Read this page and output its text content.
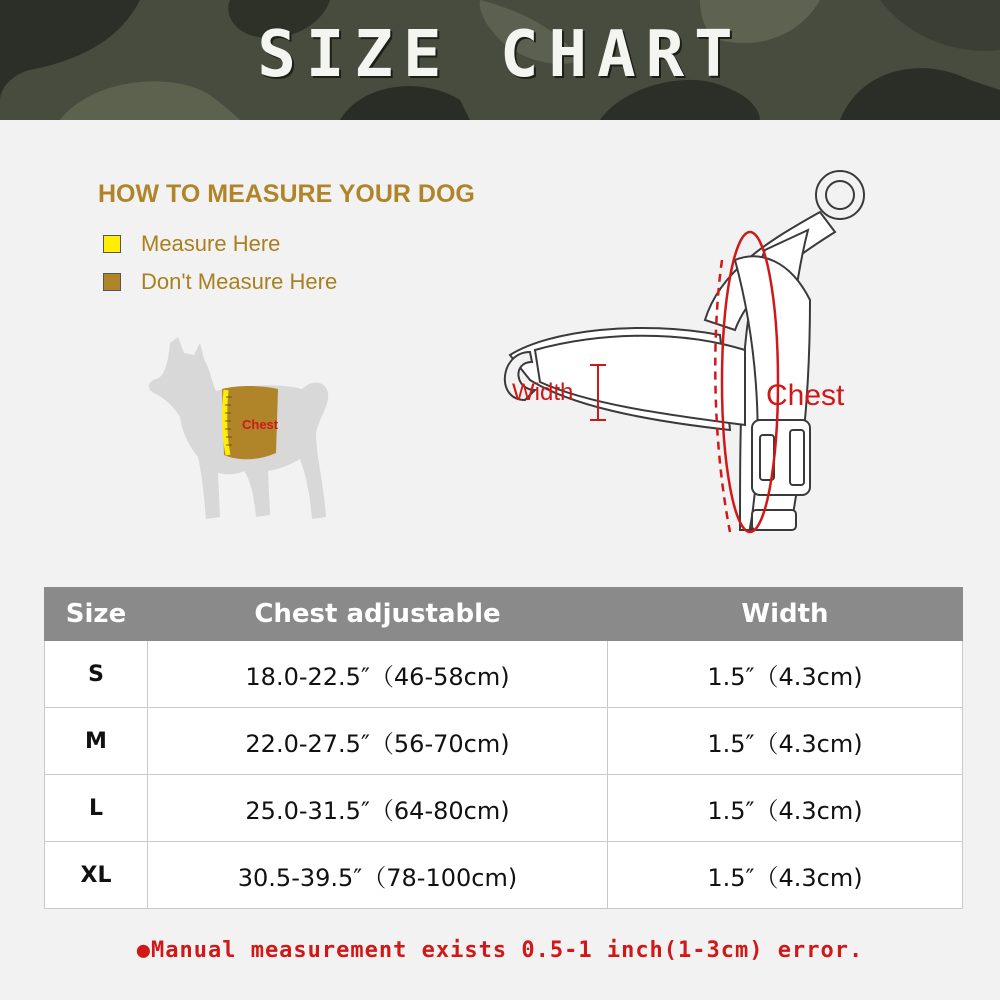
SIZE CHART
HOW TO MEASURE YOUR DOG
Measure Here
Don't Measure Here
Chest
Width	Chest
Size	Chest adjustable	Width
S	18.0-22.5″（46-58cm)	1.5″（4.3cm)
M	22.0-27.5″（56-70cm)	1.5″（4.3cm)
L	25.0-31.5″（64-80cm)	1.5″（4.3cm)
XL	30.5-39.5″（78-100cm)	1.5″（4.3cm)
●Manual measurement exists 0.5-1 inch(1-3cm) error.
